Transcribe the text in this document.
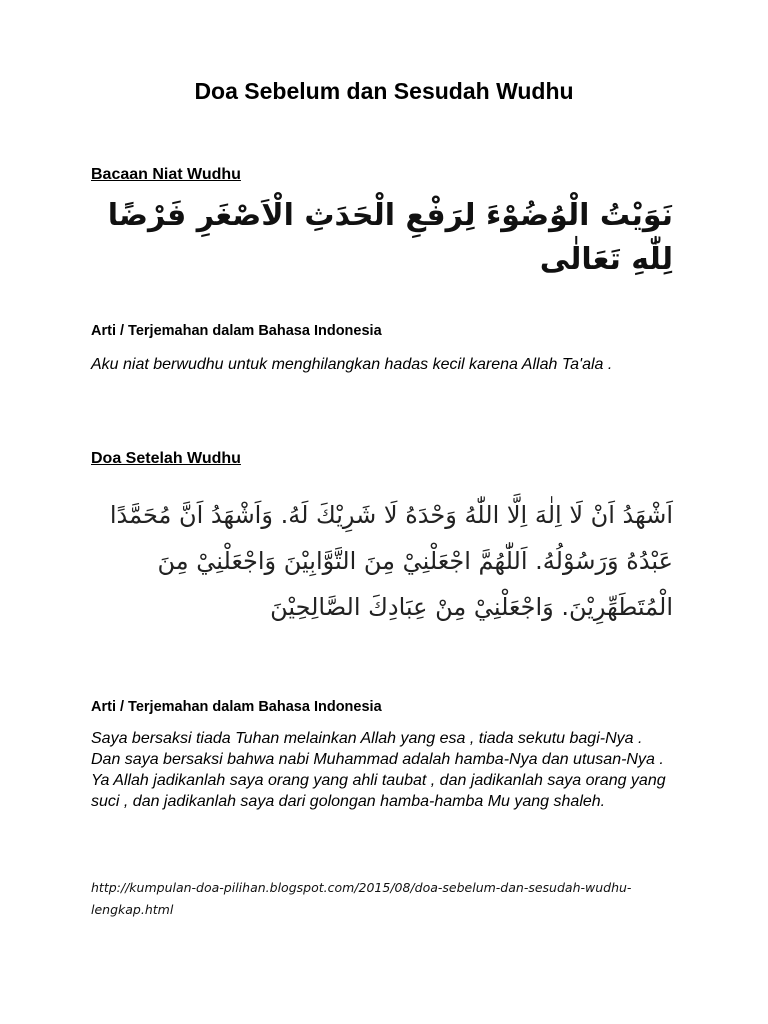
Doa Sebelum dan Sesudah Wudhu
Bacaan Niat Wudhu
نَوَيْتُ الْوُضُوْءَ لِرَفْعِ الْحَدَثِ الْاَصْغَرِ فَرْضًا لِلّٰهِ تَعَالٰى

Arti / Terjemahan dalam Bahasa Indonesia

Aku niat berwudhu untuk menghilangkan hadas kecil karena Allah Ta'ala .

Doa Setelah Wudhu
اَشْهَدُ اَنْ لَا اِلٰهَ اِلَّا اللّٰهُ وَحْدَهُ لَا شَرِيْكَ لَهُ. وَاَشْهَدُ اَنَّ مُحَمَّدًا عَبْدُهُ وَرَسُوْلُهُ. اَللّٰهُمَّ اجْعَلْنِيْ مِنَ التَّوَّابِيْنَ وَاجْعَلْنِيْ مِنَ الْمُتَطَهِّرِيْنَ. وَاجْعَلْنِيْ مِنْ عِبَادِكَ الصَّالِحِيْنَ

Arti / Terjemahan dalam Bahasa Indonesia

Saya bersaksi tiada Tuhan melainkan Allah yang esa , tiada sekutu bagi-Nya . Dan saya bersaksi bahwa nabi Muhammad adalah hamba-Nya dan utusan-Nya . Ya Allah jadikanlah saya orang yang ahli taubat , dan jadikanlah saya orang yang suci , dan jadikanlah saya dari golongan hamba-hamba Mu yang shaleh.

http://kumpulan-doa-pilihan.blogspot.com/2015/08/doa-sebelum-dan-sesudah-wudhu-lengkap.html
